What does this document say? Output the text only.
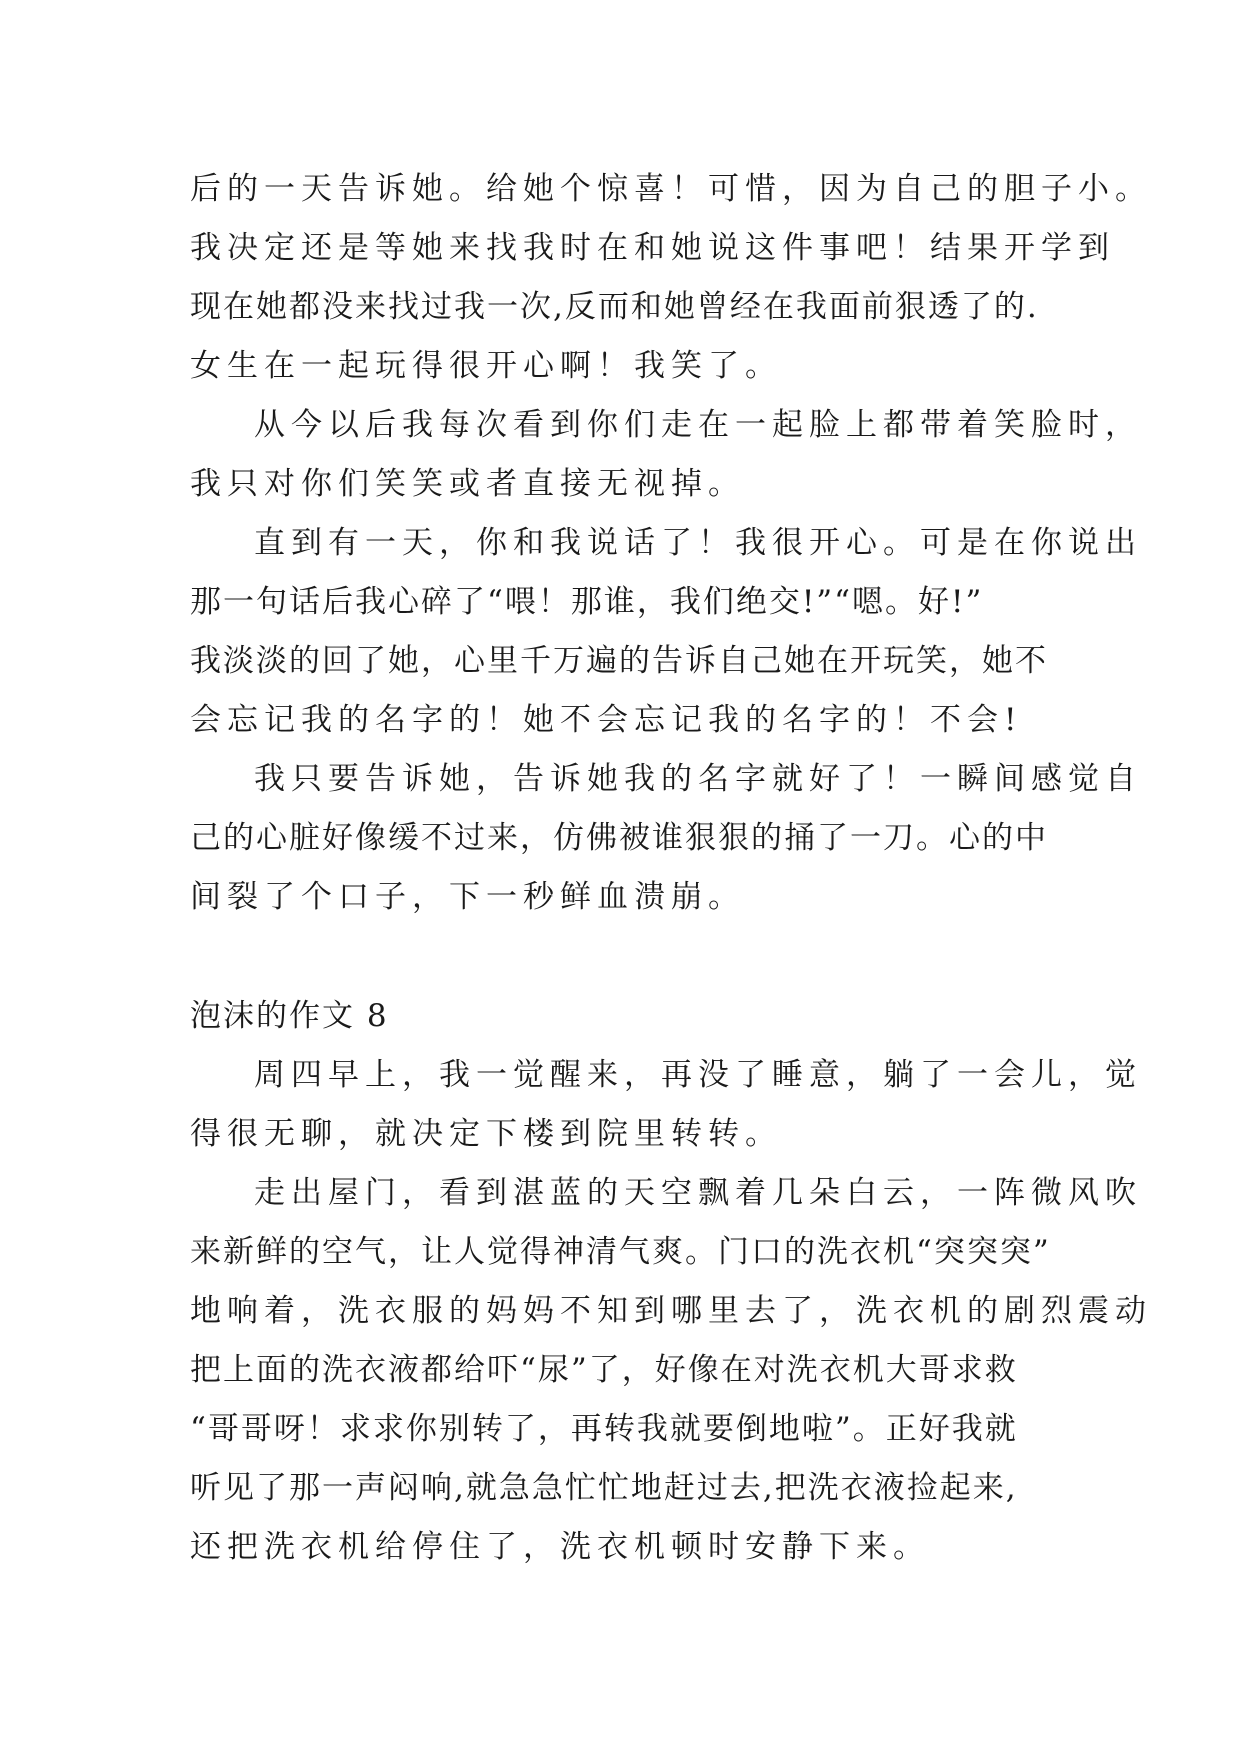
后的一天告诉她。给她个惊喜！可惜，因为自己的胆子小。
我决定还是等她来找我时在和她说这件事吧！结果开学到
现在她都没来找过我一次,反而和她曾经在我面前狠透了的.
女生在一起玩得很开心啊！我笑了。
从今以后我每次看到你们走在一起脸上都带着笑脸时，
我只对你们笑笑或者直接无视掉。
直到有一天，你和我说话了！我很开心。可是在你说出
那一句话后我心碎了“喂！那谁，我们绝交!”“嗯。好!”
我淡淡的回了她，心里千万遍的告诉自己她在开玩笑，她不
会忘记我的名字的！她不会忘记我的名字的！不会!
我只要告诉她，告诉她我的名字就好了！一瞬间感觉自
己的心脏好像缓不过来，仿佛被谁狠狠的捅了一刀。心的中
间裂了个口子，下一秒鲜血溃崩。
泡沫的作文 8
周四早上，我一觉醒来，再没了睡意，躺了一会儿，觉
得很无聊，就决定下楼到院里转转。
走出屋门，看到湛蓝的天空飘着几朵白云，一阵微风吹
来新鲜的空气，让人觉得神清气爽。门口的洗衣机“突突突”
地响着，洗衣服的妈妈不知到哪里去了，洗衣机的剧烈震动
把上面的洗衣液都给吓“尿”了，好像在对洗衣机大哥求救
“哥哥呀！求求你别转了，再转我就要倒地啦”。正好我就
听见了那一声闷响,就急急忙忙地赶过去,把洗衣液捡起来,
还把洗衣机给停住了，洗衣机顿时安静下来。
